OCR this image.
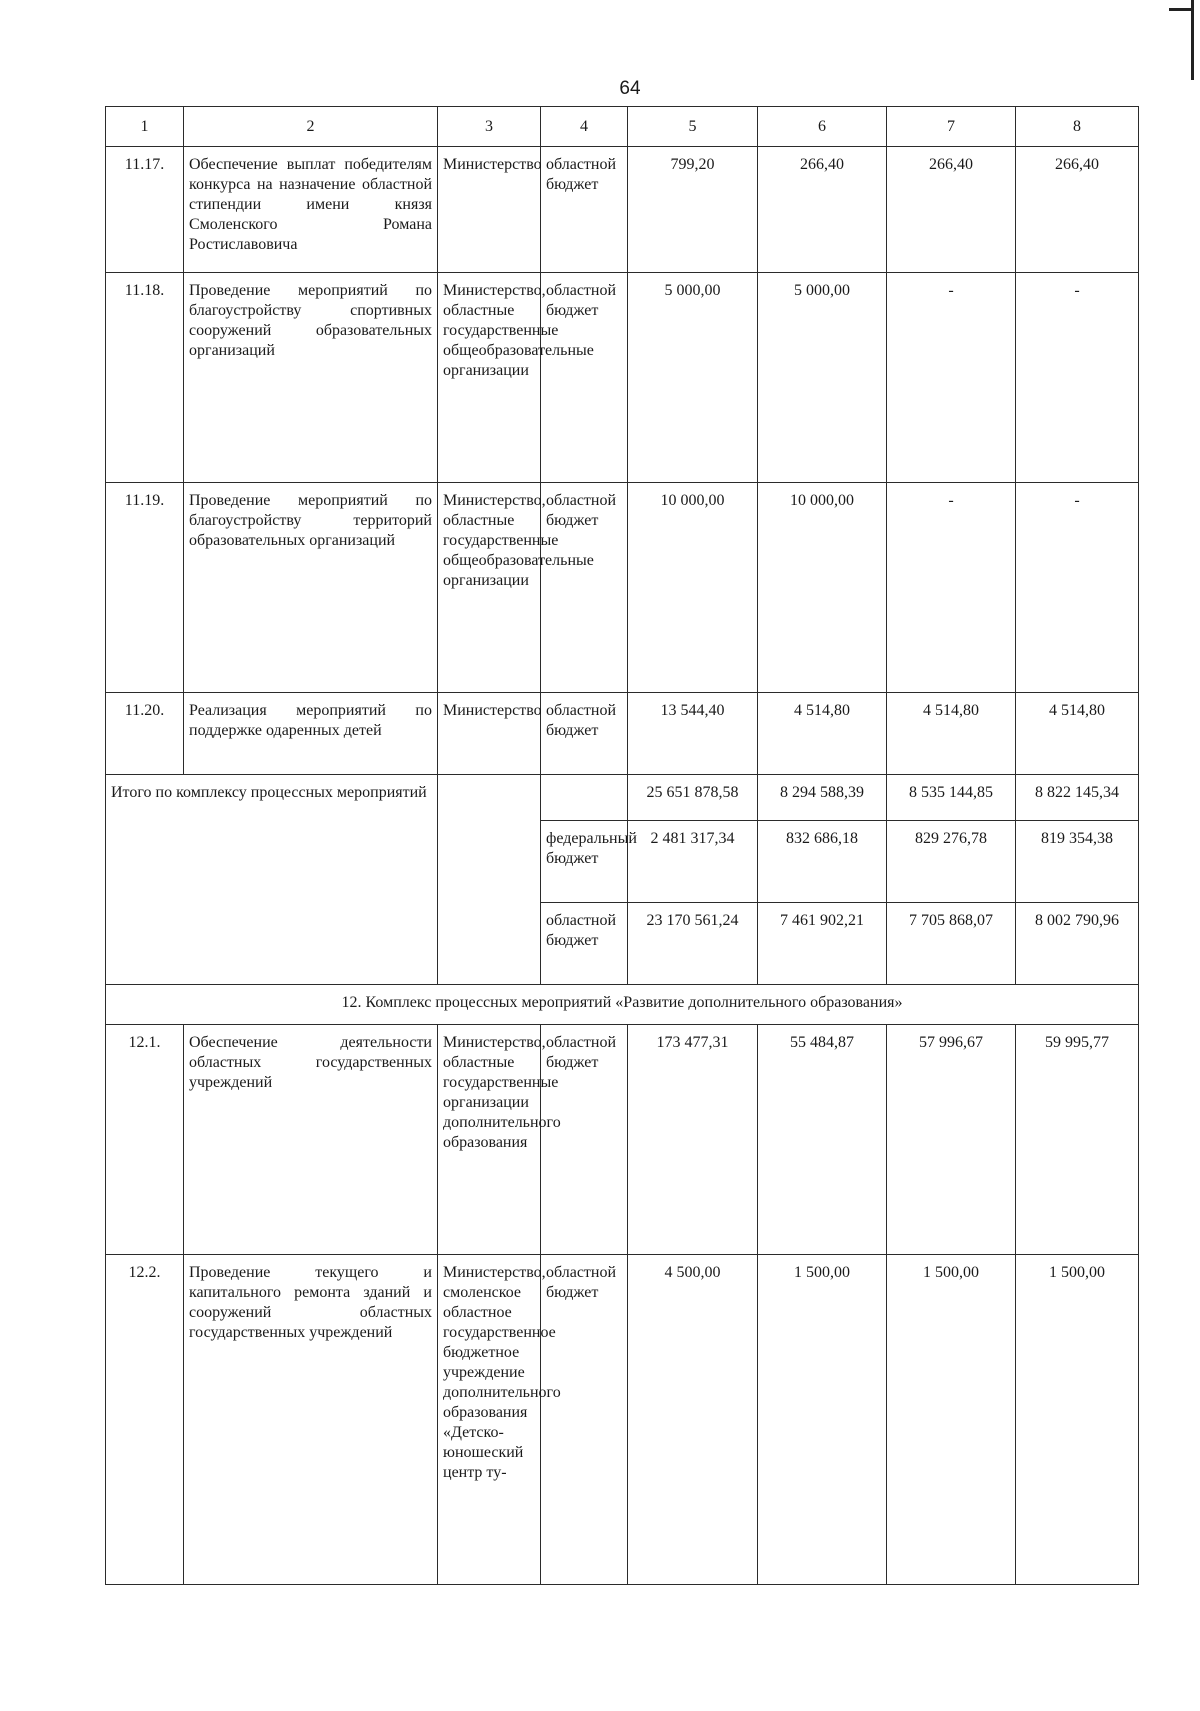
64
1	2	3	4	5	6	7	8
11.17.	Обеспечение выплат победителям конкурса на назначение областной стипендии имени князя Смоленского Романа Ростиславовича	Министерство	областной бюджет	799,20	266,40	266,40	266,40
11.18.	Проведение мероприятий по благоустройству спортивных сооружений образовательных организаций	Министерство, областные государственные общеобразовательные организации	областной бюджет	5 000,00	5 000,00	-	-
11.19.	Проведение мероприятий по благоустройству территорий образовательных организаций	Министерство, областные государственные общеобразовательные организации	областной бюджет	10 000,00	10 000,00	-	-
11.20.	Реализация мероприятий по поддержке одаренных детей	Министерство	областной бюджет	13 544,40	4 514,80	4 514,80	4 514,80
Итого по комплексу процессных мероприятий				25 651 878,58	8 294 588,39	8 535 144,85	8 822 145,34
			федеральный бюджет	2 481 317,34	832 686,18	829 276,78	819 354,38
			областной бюджет	23 170 561,24	7 461 902,21	7 705 868,07	8 002 790,96
12. Комплекс процессных мероприятий «Развитие дополнительного образования»							
12.1.	Обеспечение деятельности областных государственных учреждений	Министерство, областные государственные организации дополнительного образования	областной бюджет	173 477,31	55 484,87	57 996,67	59 995,77
12.2.	Проведение текущего и капитального ремонта зданий и сооружений областных государственных учреждений	Министерство, смоленское областное государственное бюджетное учреждение дополнительного образования «Детско-юношеский центр ту-	областной бюджет	4 500,00	1 500,00	1 500,00	1 500,00
